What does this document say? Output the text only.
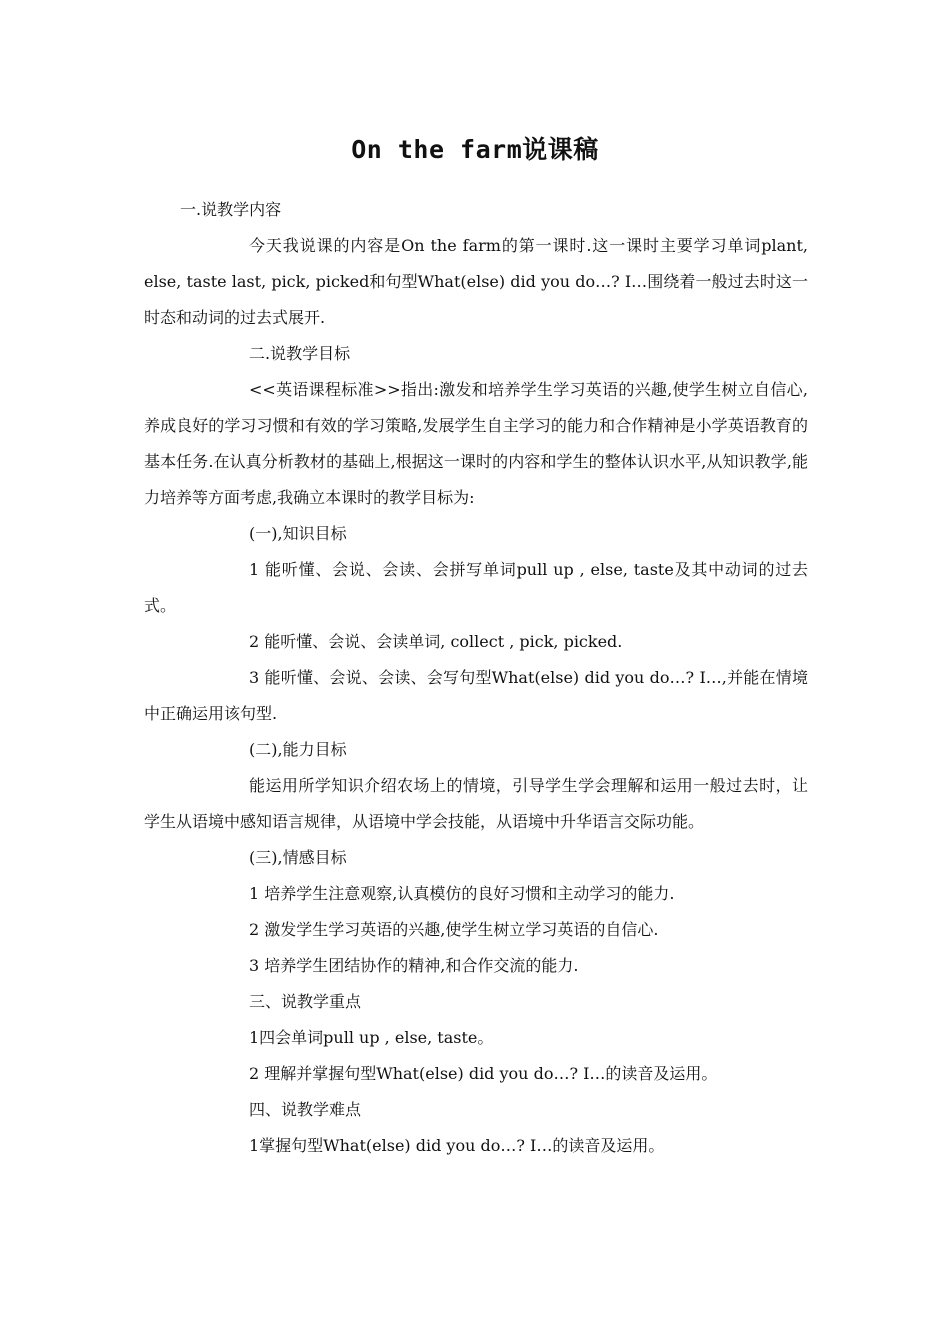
On the farm说课稿

一.说教学内容

今天我说课的内容是On the farm的第一课时.这一课时主要学习单词plant, else, taste last, pick, picked和句型What(else) did you do…? I…围绕着一般过去时这一时态和动词的过去式展开.

二.说教学目标

<<英语课程标准>>指出:激发和培养学生学习英语的兴趣,使学生树立自信心,养成良好的学习习惯和有效的学习策略,发展学生自主学习的能力和合作精神是小学英语教育的基本任务.在认真分析教材的基础上,根据这一课时的内容和学生的整体认识水平,从知识教学,能力培养等方面考虑,我确立本课时的教学目标为:

(一),知识目标

1 能听懂、会说、会读、会拼写单词pull up , else, taste及其中动词的过去式。

2 能听懂、会说、会读单词, collect , pick, picked.

3 能听懂、会说、会读、会写句型What(else) did you do…? I…,并能在情境中正确运用该句型.

(二),能力目标

能运用所学知识介绍农场上的情境，引导学生学会理解和运用一般过去时，让学生从语境中感知语言规律，从语境中学会技能，从语境中升华语言交际功能。

(三),情感目标

1 培养学生注意观察,认真模仿的良好习惯和主动学习的能力.

2 激发学生学习英语的兴趣,使学生树立学习英语的自信心.

3 培养学生团结协作的精神,和合作交流的能力.

三、说教学重点

1四会单词pull up , else, taste。

2 理解并掌握句型What(else) did you do…? I…的读音及运用。

四、说教学难点

1掌握句型What(else) did you do…? I…的读音及运用。
